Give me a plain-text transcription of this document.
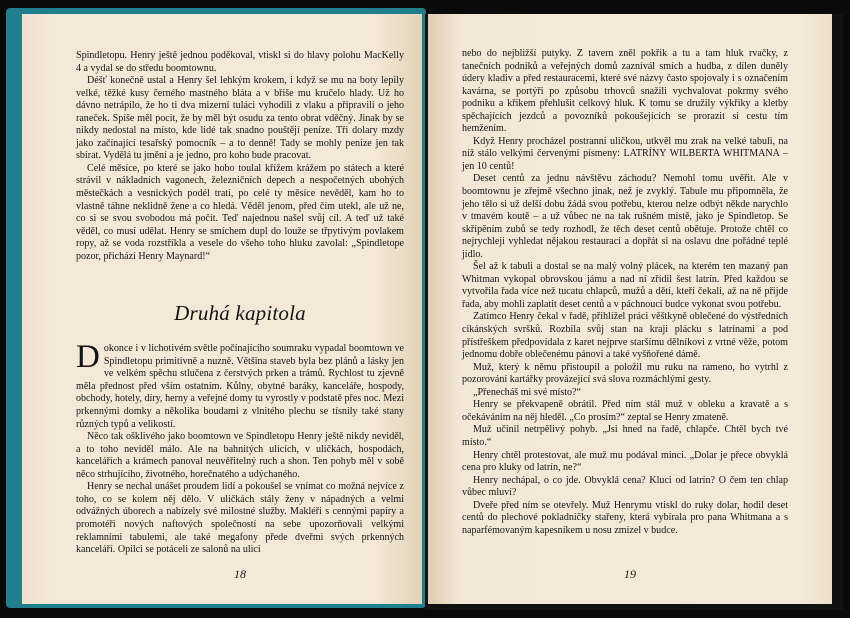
Spindletopu. Henry ještě jednou poděkoval, vtiskl si do hlavy polohu MacKelly 4 a vydal se do středu boomtownu.

Déšť konečně ustal a Henry šel lehkým krokem, i když se mu na boty lepily velké, těžké kusy černého mastného bláta a v břiše mu kručelo hlady. Už ho dávno netrápilo, že ho ti dva mizerní tuláci vyhodili z vlaku a připravili o jeho raneček. Spíše měl pocit, že by měl být osudu za tento obrat vděčný. Jinak by se nikdy nedostal na místo, kde lidé tak snadno pouštějí peníze. Tři dolary mzdy jako začínající tesařský pomocník – a to denně! Tady se mohly peníze jen tak sbírat. Vydělá tu jmění a je jedno, pro koho bude pracovat.

Celé měsíce, po které se jako hobo toulal křížem krážem po státech a které strávil v nákladních vagonech, železničních depech a nespočetných ubohých městečkách a vesnických podél tratí, po celé ty měsíce nevěděl, kam ho to vlastně táhne neklidně žene a co hledá. Věděl jenom, před čím utekl, ale už ne, co si se svou svobodou má počít. Teď najednou našel svůj cíl. A teď už také věděl, co musí udělat. Henry se smíchem dupl do louže se třpytivým povlakem ropy, až se voda rozstříkla a vesele do všeho toho hluku zavolal: „Spindletope pozor, přichází Henry Maynard!“

Druhá kapitola

Dokonce i v lichotivém světle počínajícího soumraku vypadal boomtown ve Spindletopu primitivně a nuzně. Většina staveb byla bez plánů a lásky jen ve velkém spěchu stlučena z čerstvých prken a trámů. Rychlost tu zjevně měla přednost před vším ostatním. Kůlny, obytné baráky, kanceláře, hospody, obchody, hotely, díry, herny a veřejné domy tu vyrostly v podstatě přes noc. Mezi prkennými domky a několika boudami z vlnitého plechu se tísnily také stany různých typů a velikostí.

Něco tak ošklivého jako boomtown ve Spindletopu Henry ještě nikdy neviděl, a to toho neviděl málo. Ale na bahnitých ulicích, v uličkách, hospodách, kancelářích a krámech panoval neuvěřitelný ruch a shon. Ten pohyb měl v sobě něco strhujícího, životného, horečnatého a udýchaného.

Henry se nechal unášet proudem lidí a pokoušel se vnímat co možná nejvíce z toho, co se kolem něj dělo. V uličkách stály ženy v nápadných a velmi odvážných úborech a nabízely své milostné služby. Makléři s cennými papíry a promotéři nových naftových společností na sebe upozorňovali velkými reklamními tabulemi, ale také megafony přede dveřmi svých prkenných kanceláří. Opilci se potáceli ze salonů na ulici

18

nebo do nejbližší putyky. Z tavern zněl pokřik a tu a tam hluk rvačky, z tanečních podniků a veřejných domů zaznívál smích a hudba, z dílen duněly údery kladiv a před restauracemi, které své názvy často spojovaly i s označením kavárna, se portýři po způsobu trhovců snažili vychvalovat pokrmy svého podniku a křikem přehlušit celkový hluk. K tomu se družily výkřiky a kletby spěchajících jezdců a povozníků pokoušejících se prorazit si cestu tím hemžením.

Když Henry procházel postranní uličkou, utkvěl mu zrak na velké tabuli, na níž stálo velkými červenými písmeny: LATRÍNY WILBERTA WHITMANA – jen 10 centů!

Deset centů za jednu návštěvu záchodu? Nemohl tomu uvěřit. Ale v boomtownu je zřejmě všechno jinak, než je zvyklý. Tabule mu připomněla, že jeho tělo si už delší dobu žádá svou potřebu, kterou nelze odbýt někde narychlo v tmavém koutě – a už vůbec ne na tak rušném místě, jako je Spindletop. Se skřípěním zubů se tedy rozhodl, že těch deset centů obětuje. Protože chtěl co nejrychleji vyhledat nějakou restauraci a dopřát si na oslavu dne pořádné teplé jídlo.

Šel až k tabuli a dostal se na malý volný plácek, na kterém ten mazaný pan Whitman vykopal obrovskou jámu a nad ní zřídil šest latrín. Před každou se vytvořila řada více než tucatu chlapců, mužů a dětí, kteří čekali, až na ně přijde řada, aby mohli zaplatit deset centů a v páchnoucí budce vykonat svou potřebu.

Zatímco Henry čekal v řadě, přihlížel práci věštkyně oblečené do výstředních cikánských svršků. Rozbila svůj stan na kraji plácku s latrínami a pod přístřeškem předpovídala z karet nejprve staršímu dělníkovi z vrtné věže, potom jednomu dobře oblečenému pánovi a také vyšňořené dámě.

Muž, který k němu přistoupil a položil mu ruku na rameno, ho vytrhl z pozorování kartářky provázející svá slova rozmáchlými gesty.

„Přenecháš mi své místo?“

Henry se překvapeně obrátil. Před ním stál muž v obleku a kravatě a s očekáváním na něj hleděl. „Co prosím?“ zeptal se Henry zmateně.

Muž učinil netrpělivý pohyb. „Jsi hned na řadě, chlapče. Chtěl bych tvé místo.“

Henry chtěl protestovat, ale muž mu podával minci. „Dolar je přece obvyklá cena pro kluky od latrín, ne?“

Henry nechápal, o co jde. Obvyklá cena? Kluci od latrín? O čem ten chlap vůbec mluví?

Dveře před ním se otevřely. Muž Henrymu vtiskl do ruky dolar, hodil deset centů do plechové pokladničky stařeny, která vybírala pro pana Whitmana a s naparfémovaným kapesníkem u nosu zmizel v budce.

19
